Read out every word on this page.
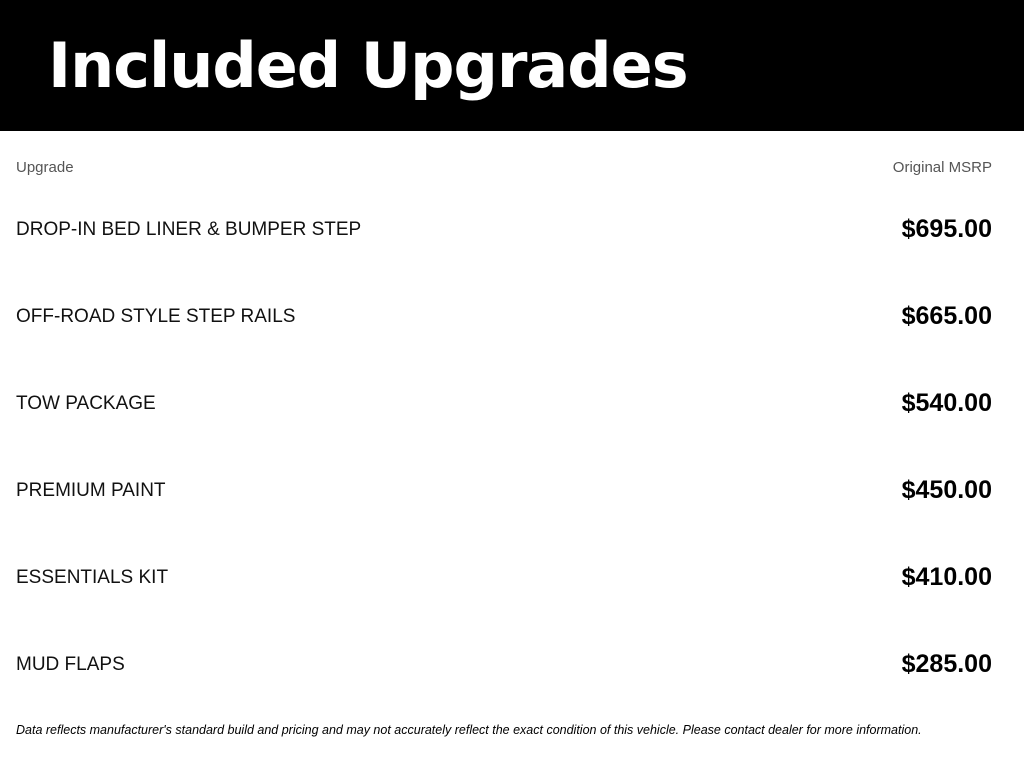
Included Upgrades
Upgrade	Original MSRP
DROP-IN BED LINER & BUMPER STEP	$695.00
OFF-ROAD STYLE STEP RAILS	$665.00
TOW PACKAGE	$540.00
PREMIUM PAINT	$450.00
ESSENTIALS KIT	$410.00
MUD FLAPS	$285.00
Data reflects manufacturer's standard build and pricing and may not accurately reflect the exact condition of this vehicle. Please contact dealer for more information.
